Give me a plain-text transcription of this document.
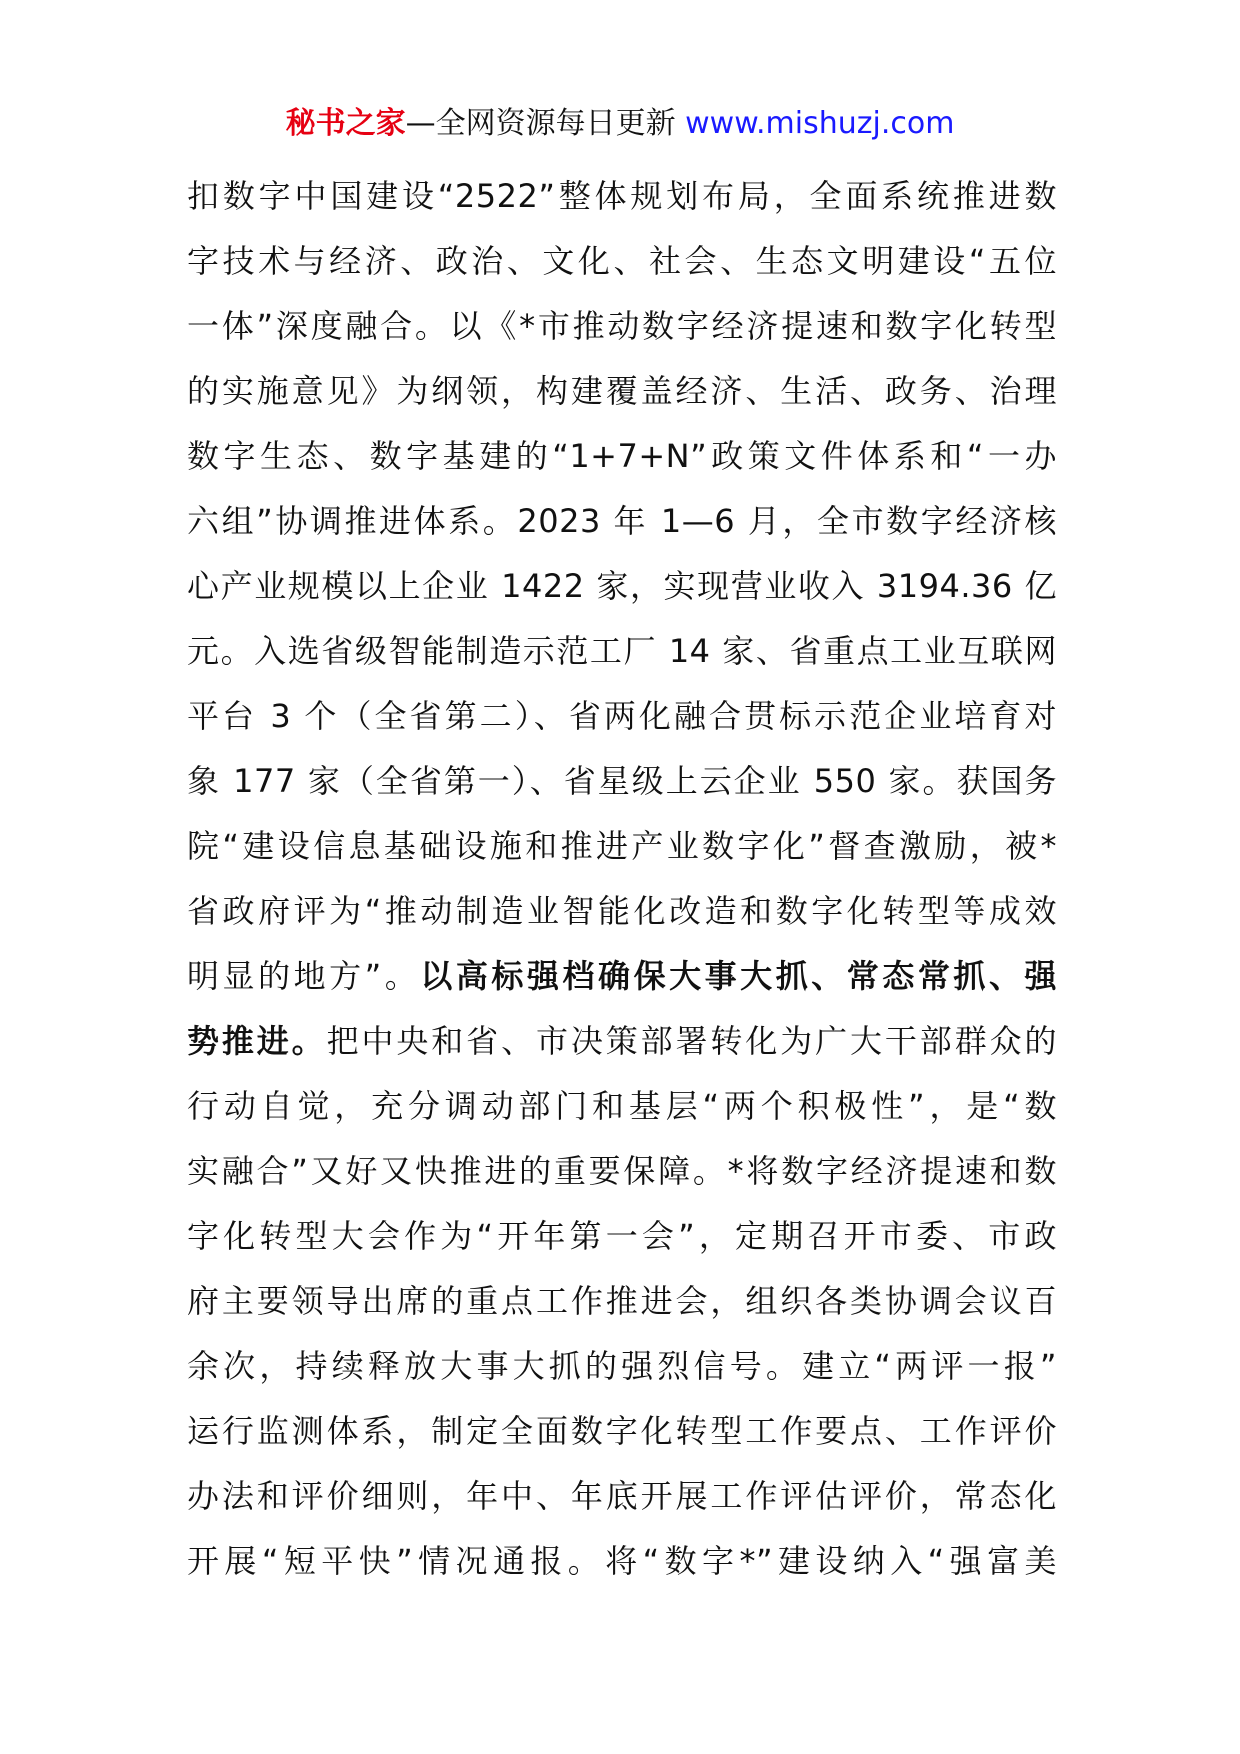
秘书之家—全网资源每日更新 www.mishuzj.com
扣数字中国建设“2522”整体规划布局，全面系统推进数
字技术与经济、政治、文化、社会、生态文明建设“五位
一体”深度融合。以《*市推动数字经济提速和数字化转型
的实施意见》为纲领，构建覆盖经济、生活、政务、治理
数字生态、数字基建的“1+7+N”政策文件体系和“一办
六组”协调推进体系。2023 年 1—6 月，全市数字经济核
心产业规模以上企业 1422 家，实现营业收入 3194.36 亿
元。入选省级智能制造示范工厂 14 家、省重点工业互联网
平台 3 个（全省第二）、省两化融合贯标示范企业培育对
象 177 家（全省第一）、省星级上云企业 550 家。获国务
院“建设信息基础设施和推进产业数字化”督查激励，被*
省政府评为“推动制造业智能化改造和数字化转型等成效
明显的地方”。以高标强档确保大事大抓、常态常抓、强
势推进。把中央和省、市决策部署转化为广大干部群众的
行动自觉，充分调动部门和基层“两个积极性”，是“数
实融合”又好又快推进的重要保障。*将数字经济提速和数
字化转型大会作为“开年第一会”，定期召开市委、市政
府主要领导出席的重点工作推进会，组织各类协调会议百
余次，持续释放大事大抓的强烈信号。建立“两评一报”
运行监测体系，制定全面数字化转型工作要点、工作评价
办法和评价细则，年中、年底开展工作评估评价，常态化
开展“短平快”情况通报。将“数字*”建设纳入“强富美
